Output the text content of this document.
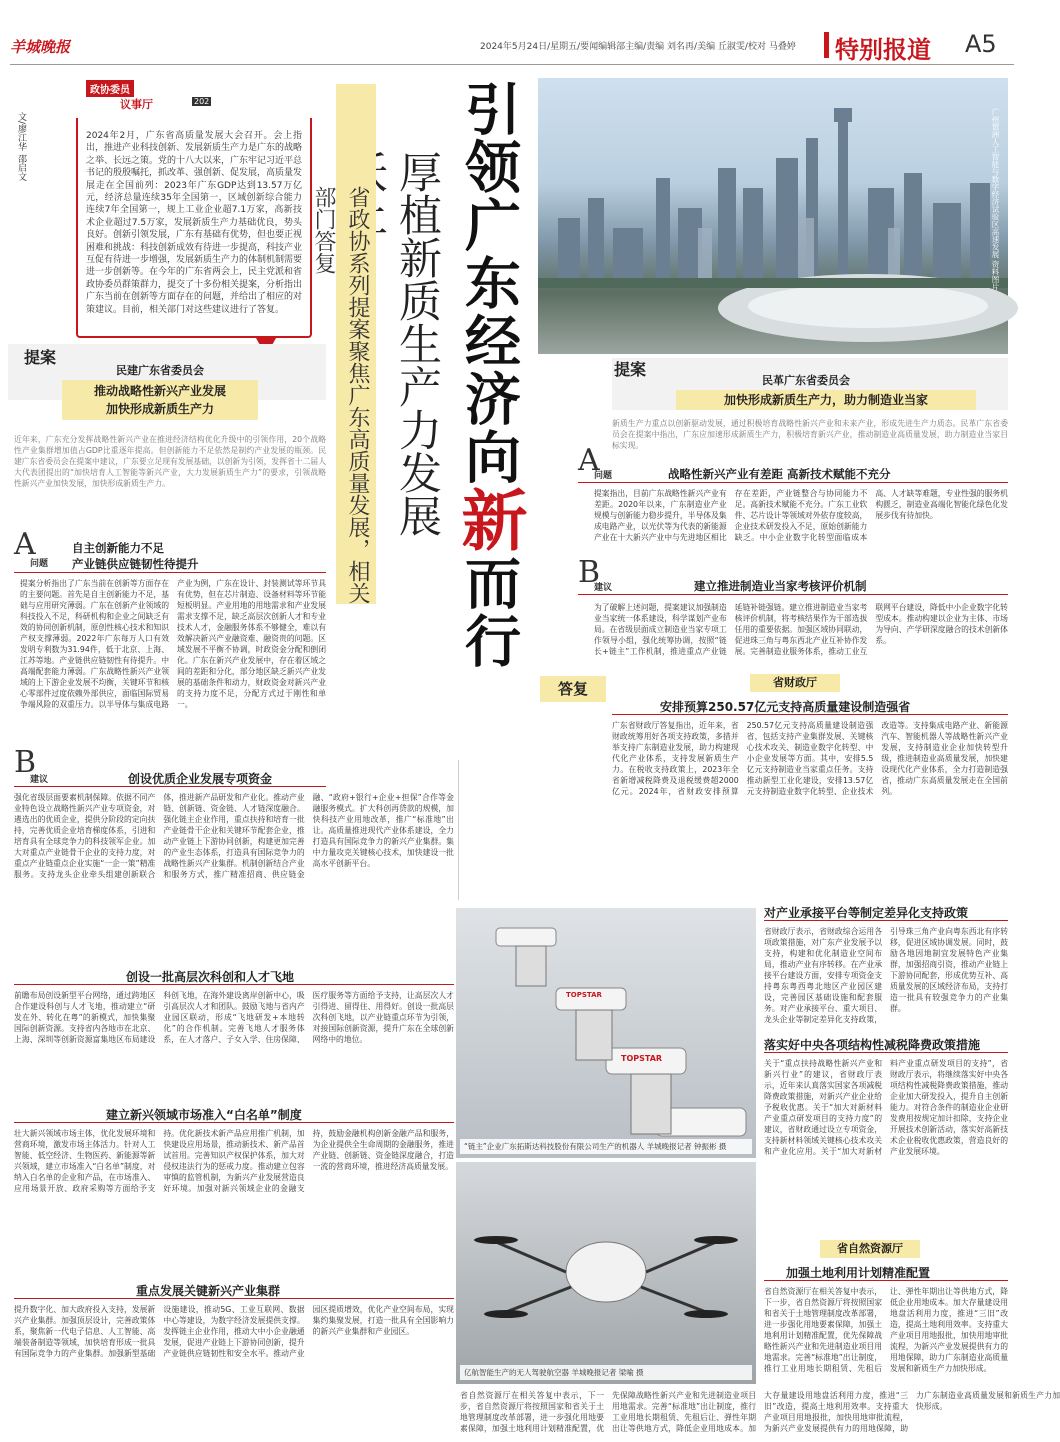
羊城晚报	2024年5月24日/星期五/要闻编辑部主编/责编 刘名再/美编 丘淑雯/校对 马叠婷	特别报道 A5
政协委员
议事厅	202
文/廖江华 邵启文	2024年2月，广东省高质量发展大会召开。会上指出，推进产业科技创新、发展新质生产力是广东的战略之举、长远之策。党的十八大以来，广东牢记习近平总书记的殷殷嘱托，抓改革、强创新、促发展，高质量发展走在全国前列：2023年广东GDP达到13.57万亿元，经济总量连续35年全国第一，区域创新综合能力连续7年全国第一，规上工业企业超7.1万家，高新技术企业超过7.5万家，发展新质生产力基础优良，势头良好。创新引领发展，广东有基础有优势，但也要正视困难和挑战：科技创新成效有待进一步提高，科技产业互促有待进一步增强，发展新质生产力的体制机制需要进一步创新等。在今年的广东省两会上，民主党派和省政协委员群策群力，提交了十多份相关提案，分析指出广东当前在创新等方面存在的问题，并给出了相应的对策建议。目前，相关部门对这些建议进行了答复。	引领广东经济向新而行
厚植新质生产力发展
省政协系列提案聚焦广东高质量发展，相关部门答复	广州琶洲人工智能与数字经济试验区高速发展 资料图片
提案
民革广东省委员会
加快形成新质生产力，助力制造业当家
新质生产力重点以创新驱动发展，通过积极培育战略性新兴产业和未来产业，形成先进生产力质态。民革广东省委员会在提案中指出，广东应加速形成新质生产力，积极培育新兴产业，推动制造业高质量发展，助力制造业当家目标实现。
A
问题	战略性新兴产业有差距 高新技术赋能不充分
提案指出，目前广东战略性新兴产业有差距。2020年以来，广东制造业产业规模与创新能力稳步提升，半导体及集成电路产业，以光伏等为代表的新能源产业在十大新兴产业中与先进地区相比存在差距，产业链整合与协同能力不足。高新技术赋能不充分。广东工业软件、芯片设计等领域对外依存度较高，企业技术研发投入不足，原始创新能力缺乏。中小企业数字化转型面临成本高、人才缺等难题，专业性强的服务机构匮乏，制造业高端化智能化绿色化发展步伐有待加快。
B
建议	建立推进制造业当家考核评价机制
为了破解上述问题，提案建议加强制造业当家统一体系建设，科学谋划产业布局。在省级层面成立制造业当家专项工作领导小组，强化统筹协调，按照“链长+链主”工作机制，推进重点产业链延链补链强链。建立推进制造业当家考核评价机制，将考核结果作为干部选拔任用的重要依据。加强区域协同联动，促进珠三角与粤东西北产业互补协作发展。完善制造业服务体系，推动工业互联网平台建设，降低中小企业数字化转型成本。推动构建以企业为主体、市场为导向、产学研深度融合的技术创新体系。
答复	省财政厅
安排预算250.57亿元支持高质量建设制造强省
广东省财政厅答复指出，近年来，省财政统筹用好各项支持政策，多措并举支持广东制造业发展，助力构建现代化产业体系，支持发展新质生产力。在税收支持政策上，2023年全省新增减税降费及退税缓费超2000亿元。2024年，省财政安排预算250.57亿元支持高质量建设制造强省，包括支持产业集群发展、关键核心技术攻关、制造业数字化转型、中小企业发展等方面。其中，安排5.5亿元支持制造业当家重点任务。支持推动新型工业化建设，安排13.57亿元支持制造业数字化转型、企业技术改造等。支持集成电路产业、新能源汽车、智能机器人等战略性新兴产业发展，支持制造业企业加快转型升级，推进制造业高质量发展，加快建设现代化产业体系，全力打造制造强省，推动广东高质量发展走在全国前列。
TOPSTAR
TOPSTAR
“链主”企业广东拓斯达科技股份有限公司生产的机器人 羊城晚报记者 钟振彬 摄
对产业承接平台等制定差异化支持政策
省财政厅表示，省财政综合运用各项政策措施，对广东产业发展予以支持，构建和优化制造业空间布局，推动产业有序转移。在产业承接平台建设方面，安排专项资金支持粤东粤西粤北地区产业园区建设，完善园区基础设施和配套服务。对产业承接平台、重大项目、龙头企业等制定差异化支持政策，引导珠三角产业向粤东西北有序转移，促进区域协调发展。同时，鼓励各地因地制宜发展特色产业集群，加强招商引资，推动产业链上下游协同配套，形成优势互补、高质量发展的区域经济布局，支持打造一批具有较强竞争力的产业集群。
落实好中央各项结构性减税降费政策措施
关于“重点扶持战略性新兴产业和新兴行业”的建议，省财政厅表示，近年来认真落实国家各项减税降费政策措施，对新兴产业企业给予税收优惠。关于“加大对新材料产业重点研发项目的支持力度”的建议，省财政通过设立专项资金，支持新材料领域关键核心技术攻关和产业化应用。关于“加大对新材料产业重点研发项目的支持”，省财政厅表示，将继续落实好中央各项结构性减税降费政策措施，推动企业加大研发投入，提升自主创新能力。对符合条件的制造业企业研发费用按规定加计扣除，支持企业开展技术创新活动，落实好高新技术企业税收优惠政策，营造良好的产业发展环境。
亿航智能生产的无人驾驶航空器 羊城晚报记者 梁喻 摄
省自然资源厅
加强土地利用计划精准配置
省自然资源厅在相关答复中表示，下一步，省自然资源厅将按照国家和省关于土地管理制度改革部署，进一步强化用地要素保障，加强土地利用计划精准配置，优先保障战略性新兴产业和先进制造业项目用地需求。完善“标准地”出让制度，推行工业用地长期租赁、先租后让、弹性年期出让等供地方式，降低企业用地成本。加大存量建设用地盘活利用力度，推进“三旧”改造，提高土地利用效率。支持重大产业项目用地报批，加快用地审批流程，为新兴产业发展提供有力的用地保障，助力广东制造业高质量发展和新质生产力加快形成。
省自然资源厅在相关答复中表示，下一步，省自然资源厅将按照国家和省关于土地管理制度改革部署，进一步强化用地要素保障，加强土地利用计划精准配置，优先保障战略性新兴产业和先进制造业项目用地需求。完善“标准地”出让制度，推行工业用地长期租赁、先租后让、弹性年期出让等供地方式，降低企业用地成本。加大存量建设用地盘活利用力度，推进“三旧”改造，提高土地利用效率。支持重大产业项目用地报批，加快用地审批流程，为新兴产业发展提供有力的用地保障，助力广东制造业高质量发展和新质生产力加快形成。
提案
民建广东省委员会
推动战略性新兴产业发展
加快形成新质生产力
近年来，广东充分发挥战略性新兴产业在推进经济结构优化升级中的引领作用，20个战略性产业集群增加值占GDP比重逐年提高。但创新能力不足依然是制约产业发展的瓶颈。民建广东省委员会在提案中建议，广东要立足现有发展基础，以创新为引领，发挥省十二届人大代表团提出的“加快培育人工智能等新兴产业，大力发展新质生产力”的要求，引领战略性新兴产业加快发展，加快形成新质生产力。
A
问题
自主创新能力不足
产业链供应链韧性待提升
提案分析指出了广东当前在创新等方面存在的主要问题。首先是自主创新能力不足，基础与应用研究薄弱。广东在创新产业领域的科技投入不足，科研机构和企业之间缺乏有效的协同创新机制，原创性核心技术和知识产权支撑薄弱。2022年广东每万人口有效发明专利数为31.94件，低于北京、上海、江苏等地。产业链供应链韧性有待提升。中高端配套能力薄弱。广东战略性新兴产业领域的上下游企业发展不均衡，关键环节和核心零部件过度依赖外部供应，面临国际贸易争端风险的双重压力。以半导体与集成电路产业为例，广东在设计、封装测试等环节具有优势，但在芯片制造、设备材料等环节能短板明显。产业用地的用地需求和产业发展需求支撑不足，缺乏高层次创新人才和专业技术人才，金融服务体系不够健全，难以有效解决新兴产业融资难、融资贵的问题。区域发展不平衡不协调，时政资金分配和倒闭化。广东在新兴产业发展中，存在着区域之间的差距和分化，部分地区缺乏新兴产业发展的基础条件和动力，财政资金对新兴产业的支持力度不足，分配方式过于刚性和单一。
B
建议	创设优质企业发展专项资金
强化省级层面要素机制保障。依据不同产业特色设立战略性新兴产业专项资金，对遴选出的优质企业，提供分阶段的定向扶持，完善优质企业培育梯度体系，引进和培育具有全球竞争力的科技领军企业。加大对重点产业链骨干企业的支持力度，对重点产业链重点企业实施“一企一策”精准服务。支持龙头企业牵头组建创新联合体，推进新产品研发和产业化。推动产业链、创新链、资金链、人才链深度融合。强化链主企业作用，重点扶持和培育一批产业链骨干企业和关键环节配套企业，推动产业链上下游协同创新，构建更加完善的产业生态体系，打造具有国际竞争力的战略性新兴产业集群。机制创新结合产业和服务方式，推广精准招商、供应链金融、“政府+银行+企业+担保”合作等金融服务模式。扩大科创再贷款的规模，加快科技产业用地改革，推广“标准地”出让。高质量推进现代产业体系建设，全力打造具有国际竞争力的新兴产业集群。集中力量攻克关键核心技术，加快建设一批高水平创新平台。
创设一批高层次科创和人才飞地
前瞻布局创设新型平台网络，通过跨地区合作建设科创与人才飞地，推动建立“研发在外、转化在粤”的新模式，加快集聚国际创新资源。支持省内各地市在北京、上海、深圳等创新资源富集地区布局建设科创飞地，在海外建设离岸创新中心，吸引高层次人才和团队。鼓励飞地与省内产业园区联动，形成“飞地研发+本地转化”的合作机制。完善飞地人才服务体系，在人才落户、子女入学、住房保障、医疗服务等方面给予支持，让高层次人才引得进、留得住、用得好。创设一批高层次科创飞地，以产业链重点环节为引领，对接国际创新资源，提升广东在全球创新网络中的地位。
建立新兴领域市场准入“白名单”制度
壮大新兴领域市场主体，优化发展环境和营商环境，激发市场主体活力。针对人工智能、低空经济、生物医药、新能源等新兴领域，建立市场准入“白名单”制度，对纳入白名单的企业和产品，在市场准入、应用场景开放、政府采购等方面给予支持。优化新技术新产品应用推广机制，加快建设应用场景，推动新技术、新产品首试首用。完善知识产权保护体系，加大对侵权违法行为的惩戒力度。推动建立包容审慎的监管机制，为新兴产业发展营造良好环境。加强对新兴领域企业的金融支持，鼓励金融机构创新金融产品和服务，为企业提供全生命周期的金融服务，推进产业链、创新链、资金链深度融合，打造一流的营商环境，推进经济高质量发展。
重点发展关键新兴产业集群
提升数字化、加大政府投入支持，发展新兴产业集群。加强顶层设计，完善政策体系，聚焦新一代电子信息、人工智能、高端装备制造等领域，加快培育形成一批具有国际竞争力的产业集群。加强新型基础设施建设，推动5G、工业互联网、数据中心等建设，为数字经济发展提供支撑。发挥链主企业作用，推动大中小企业融通发展，促进产业链上下游协同创新，提升产业链供应链韧性和安全水平。推动产业园区提质增效，优化产业空间布局，实现集约集聚发展，打造一批具有全国影响力的新兴产业集群和产业园区。
